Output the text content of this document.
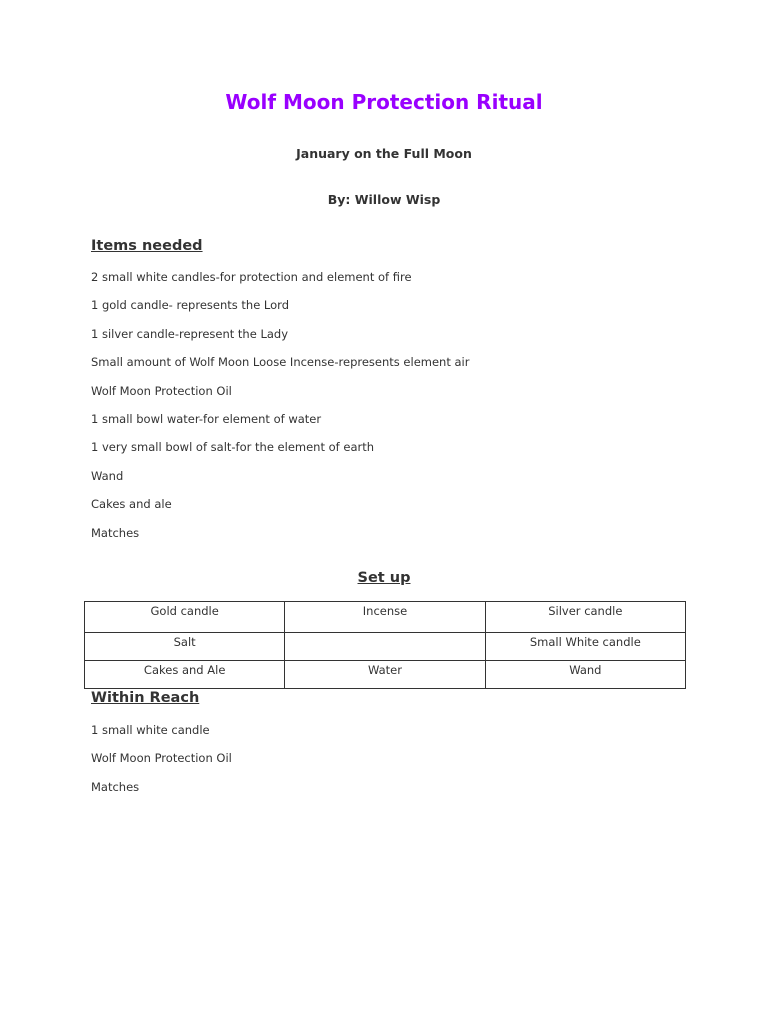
Wolf Moon Protection Ritual

January on the Full Moon

By: Willow Wisp

Items needed
2 small white candles-for protection and element of fire
1 gold candle- represents the Lord
1 silver candle-represent the Lady
Small amount of Wolf Moon Loose Incense-represents element air
Wolf Moon Protection Oil
1 small bowl water-for element of water
1 very small bowl of salt-for the element of earth
Wand
Cakes and ale
Matches
Set up
Gold candle	Incense	Silver candle
Salt		Small White candle
Cakes and Ale	Water	Wand
Within Reach
1 small white candle
Wolf Moon Protection Oil
Matches
